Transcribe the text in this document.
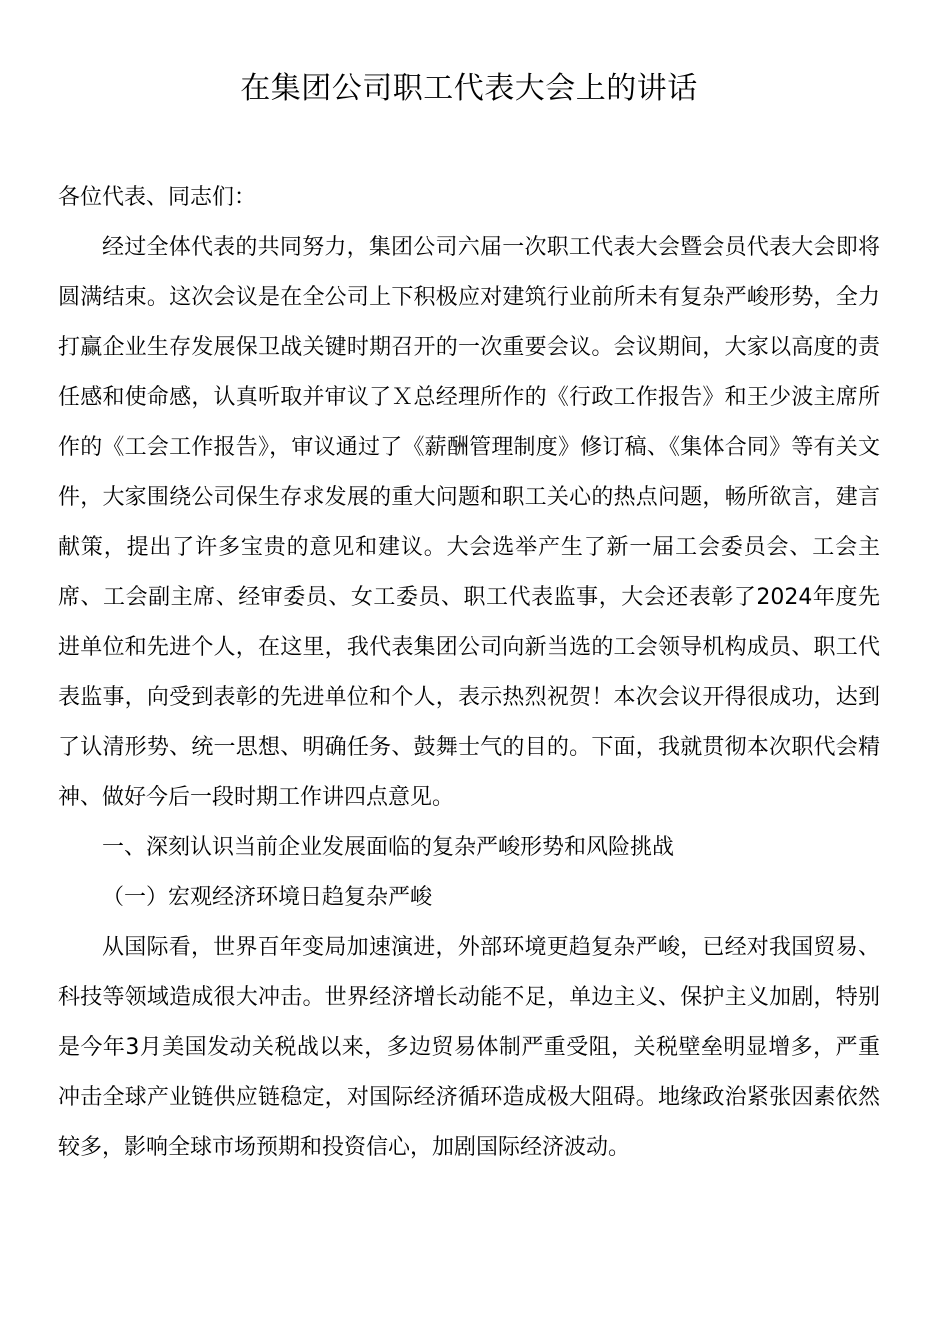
在集团公司职工代表大会上的讲话

各位代表、同志们：

经过全体代表的共同努力，集团公司六届一次职工代表大会暨会员代表大会即将圆满结束。这次会议是在全公司上下积极应对建筑行业前所未有复杂严峻形势，全力打赢企业生存发展保卫战关键时期召开的一次重要会议。会议期间，大家以高度的责任感和使命感，认真听取并审议了Ｘ总经理所作的《行政工作报告》和王少波主席所作的《工会工作报告》，审议通过了《薪酬管理制度》修订稿、《集体合同》等有关文件，大家围绕公司保生存求发展的重大问题和职工关心的热点问题，畅所欲言，建言献策，提出了许多宝贵的意见和建议。大会选举产生了新一届工会委员会、工会主席、工会副主席、经审委员、女工委员、职工代表监事，大会还表彰了2024年度先进单位和先进个人，在这里，我代表集团公司向新当选的工会领导机构成员、职工代表监事，向受到表彰的先进单位和个人，表示热烈祝贺！本次会议开得很成功，达到了认清形势、统一思想、明确任务、鼓舞士气的目的。下面，我就贯彻本次职代会精神、做好今后一段时期工作讲四点意见。

一、深刻认识当前企业发展面临的复杂严峻形势和风险挑战

（一）宏观经济环境日趋复杂严峻

从国际看，世界百年变局加速演进，外部环境更趋复杂严峻，已经对我国贸易、科技等领域造成很大冲击。世界经济增长动能不足，单边主义、保护主义加剧，特别是今年3月美国发动关税战以来，多边贸易体制严重受阻，关税壁垒明显增多，严重冲击全球产业链供应链稳定，对国际经济循环造成极大阻碍。地缘政治紧张因素依然较多，影响全球市场预期和投资信心，加剧国际经济波动。
